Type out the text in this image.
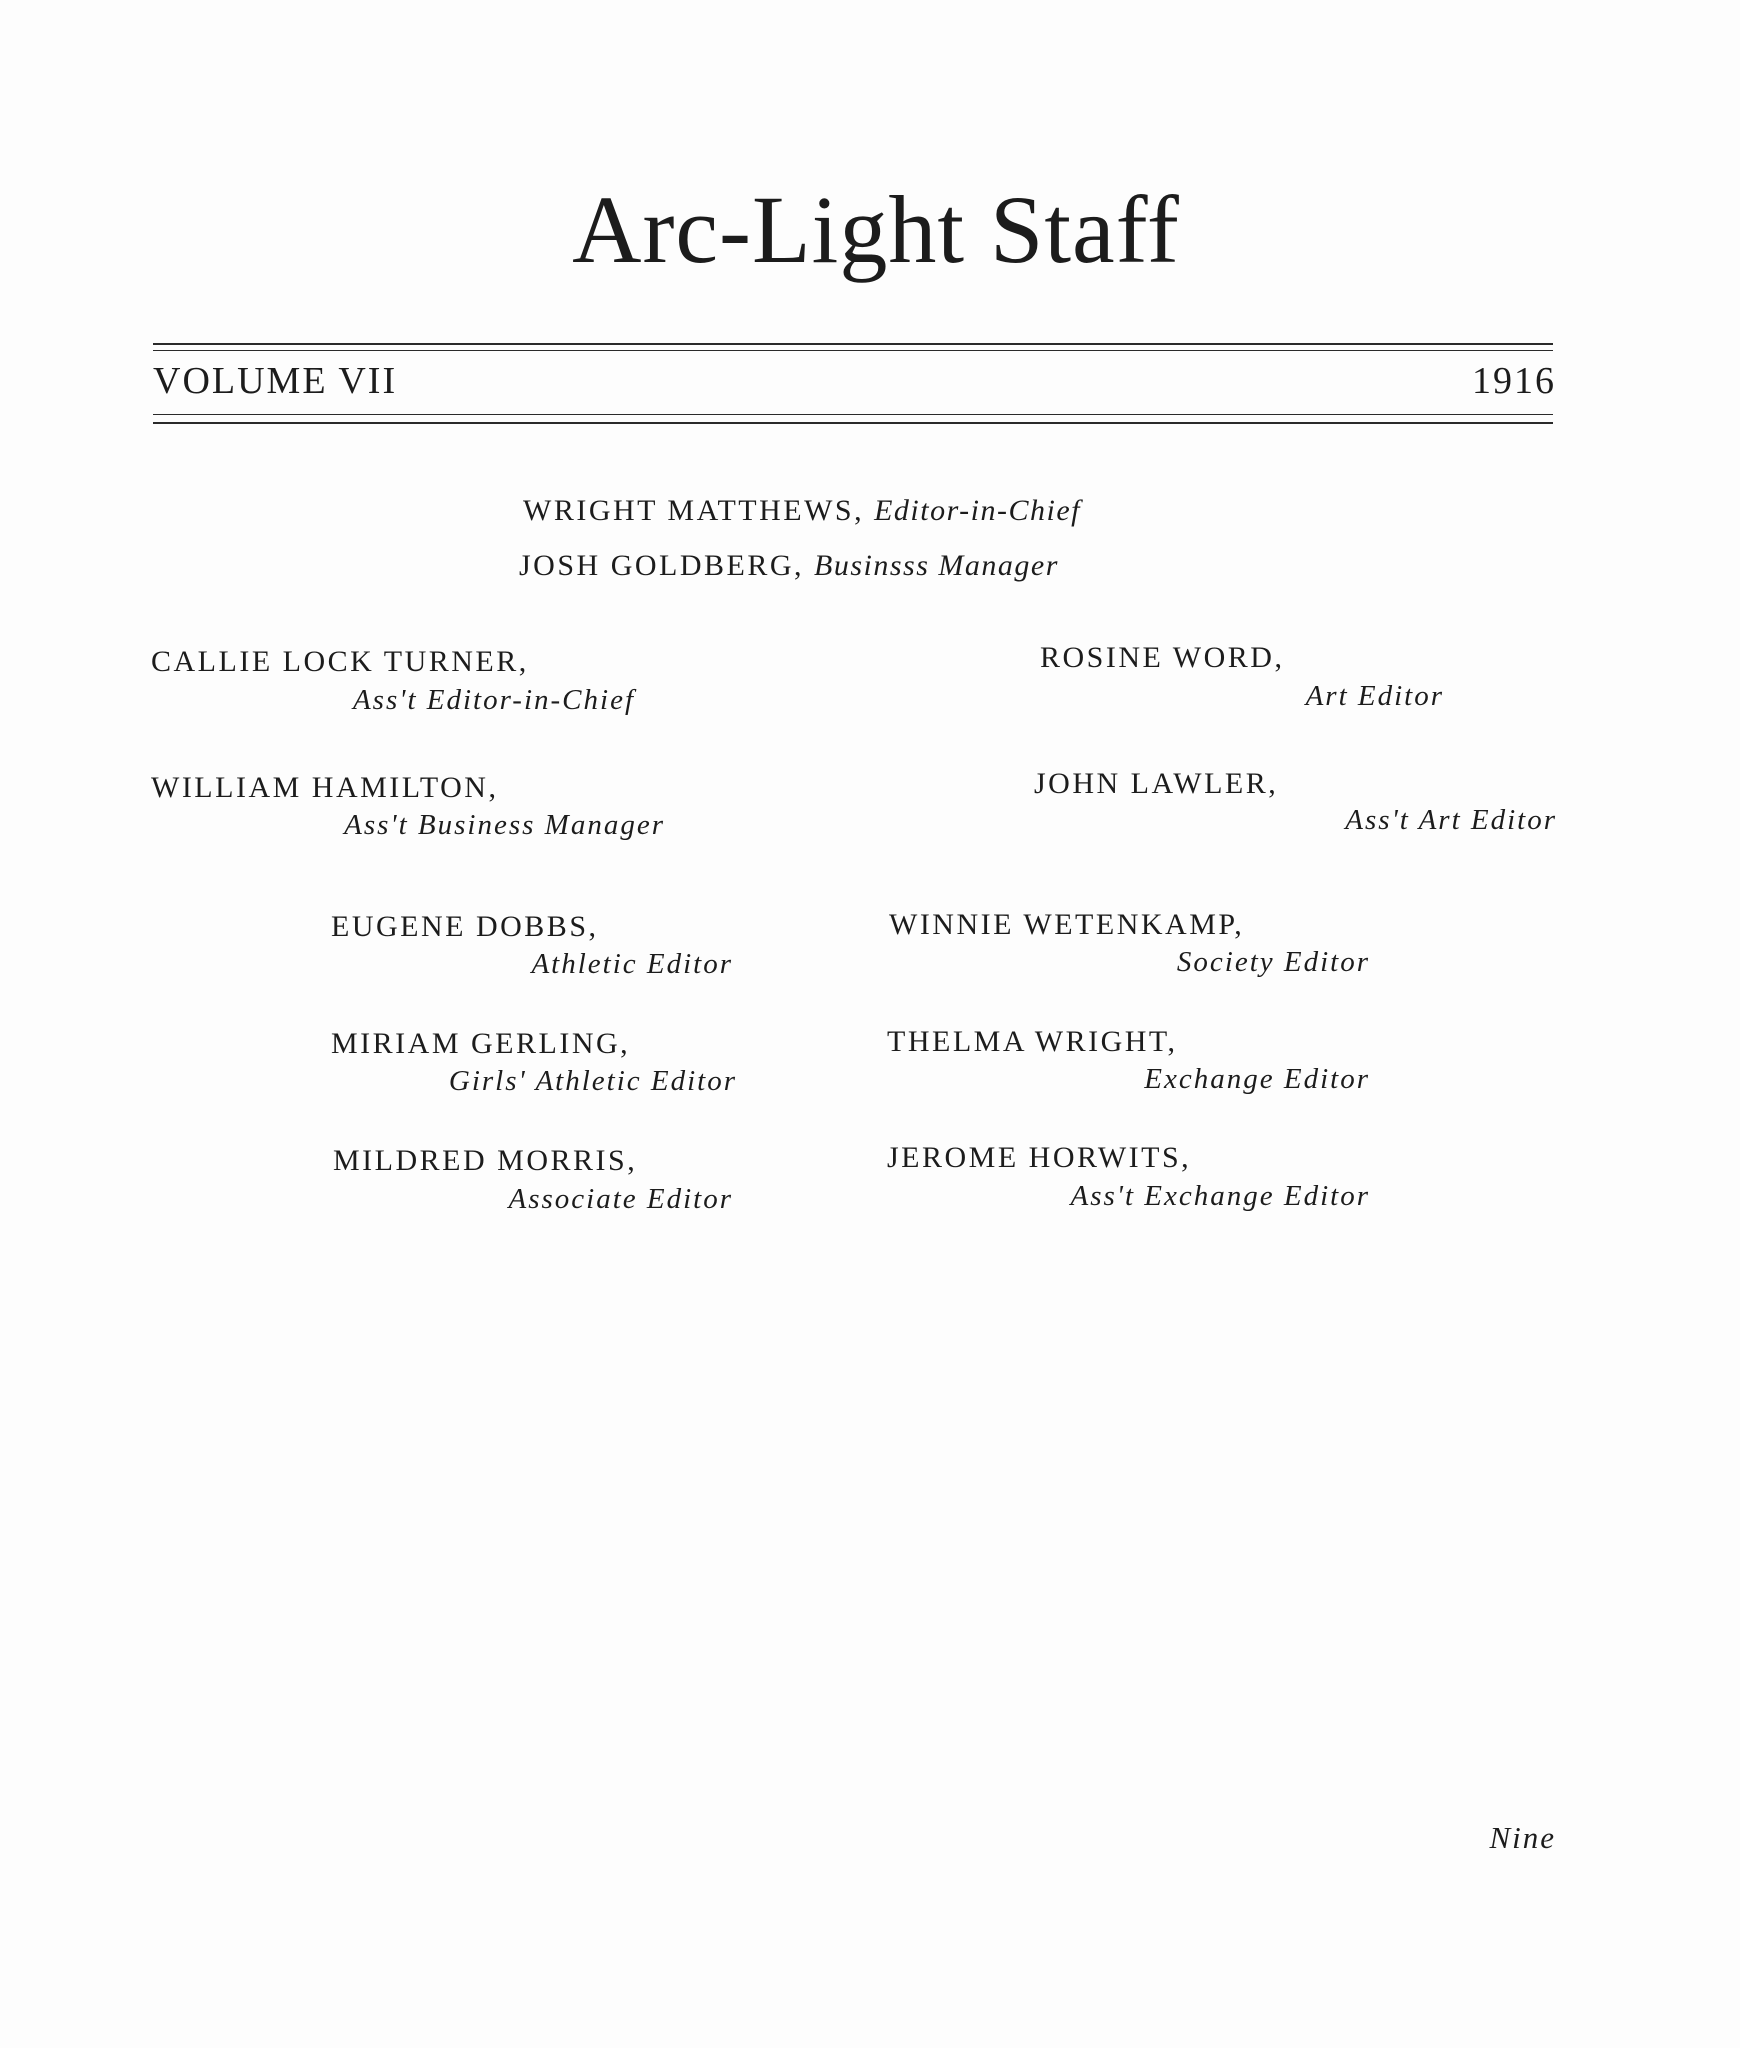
Arc-Light Staff
VOLUME VII	1916
WRIGHT MATTHEWS, Editor-in-Chief
JOSH GOLDBERG, Businsss Manager
CALLIE LOCK TURNER,
Ass't Editor-in-Chief
ROSINE WORD,
Art Editor
WILLIAM HAMILTON,
Ass't Business Manager
JOHN LAWLER,
Ass't Art Editor
EUGENE DOBBS,
Athletic Editor
WINNIE WETENKAMP,
Society Editor
MIRIAM GERLING,
Girls' Athletic Editor
THELMA WRIGHT,
Exchange Editor
MILDRED MORRIS,
Associate Editor
JEROME HORWITS,
Ass't Exchange Editor
Nine
